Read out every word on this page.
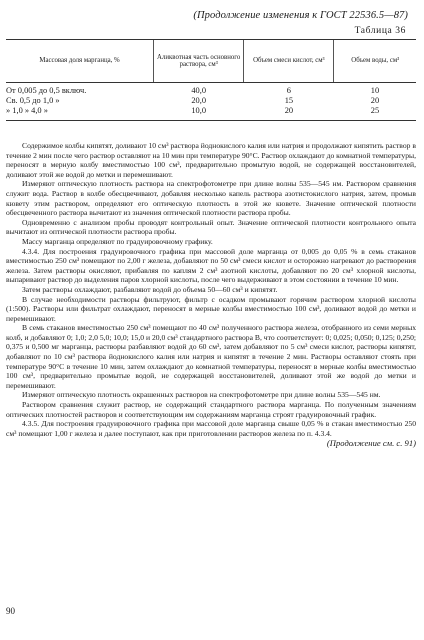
(Продолжение изменения к ГОСТ 22536.5—87)
Таблица 36
Массовая доля марганца, %	Аликвотная часть основного раствора, см³	Объем смеси кислот, см³	Объем воды, см³
От 0,005 до 0,5 включ.	40,0	6	10
Св. 0,5 до 1,0 »	20,0	15	20
» 1,0 » 4,0 »	10,0	20	25

Содержимое колбы кипятят, доливают 10 см³ раствора йоднокислого калия или натрия и продолжают кипятить раствор в течение 2 мин после чего раствор оставляют на 10 мин при температуре 90°С. Раствор охлаждают до комнатной температуры, переносят в мерную колбу вместимостью 100 см³, предварительно промытую водой, не содержащей восстановителей, доливают этой же водой до метки и перемешивают.

Измеряют оптическую плотность раствора на спектрофотометре при длине волны 535—545 нм. Раствором сравнения служит вода. Раствор в колбе обесцвечивают, добавляя несколько капель раствора азотистокислого натрия, затем, промыв кювету этим раствором, определяют его оптическую плотность в этой же кювете. Значение оптической плотности обесцвеченного раствора вычитают из значения оптической плотности раствора пробы.

Одновременно с анализом пробы проводят контрольный опыт. Значение оптической плотности контрольного опыта вычитают из оптической плотности раствора пробы.

Массу марганца определяют по градуировочному графику.

4.3.4. Для построения градуировочного графика при массовой доле марганца от 0,005 до 0,05 % в семь стаканов вместимостью 250 см³ помещают по 2,00 г железа, добавляют по 50 см³ смеси кислот и осторожно нагревают до растворения железа. Затем растворы окисляют, прибавляя по каплям 2 см³ азотной кислоты, добавляют по 20 см³ хлорной кислоты, выпаривают раствор до выделения паров хлорной кислоты, после чего выдерживают в этом состоянии в течение 10 мин.

Затем растворы охлаждают, разбавляют водой до объема 50—60 см³ и кипятят.

В случае необходимости растворы фильтруют, фильтр с осадком промывают горячим раствором хлорной кислоты (1:500). Растворы или фильтрат охлаждают, переносят в мерные колбы вместимостью 100 см³, доливают водой до метки и перемешивают.

В семь стаканов вместимостью 250 см³ помещают по 40 см³ полученного раствора железа, отобранного из семи мерных колб, и добавляют 0; 1,0; 2,0 5,0; 10,0; 15,0 и 20,0 см³ стандартного раствора В, что соответствует: 0; 0,025; 0,050; 0,125; 0,250; 0,375 и 0,500 мг марганца, растворы разбавляют водой до 60 см³, затем добавляют по 5 см³ смеси кислот, растворы кипятят, добавляют по 10 см³ раствора йоднокислого калия или натрия и кипятят в течение 2 мин. Растворы оставляют стоять при температуре 90°С в течение 10 мин, затем охлаждают до комнатной температуры, переносят в мерные колбы вместимостью 100 см³, предварительно промытые водой, не содержащей восстановителей, доливают этой же водой до метки и перемешивают.

Измеряют оптическую плотность окрашенных растворов на спектрофотометре при длине волны 535—545 нм.

Раствором сравнения служит раствор, не содержащий стандартного раствора марганца. По полученным значениям оптических плотностей растворов и соответствующим им содержаниям марганца строят градуировочный график.

4.3.5. Для построения градуировочного графика при массовой доле марганца свыше 0,05 % в стакан вместимостью 250 см³ помещают 1,00 г железа и далее поступают, как при приготовлении растворов железа по п. 4.3.4.

(Продолжение см. с. 91)

90
